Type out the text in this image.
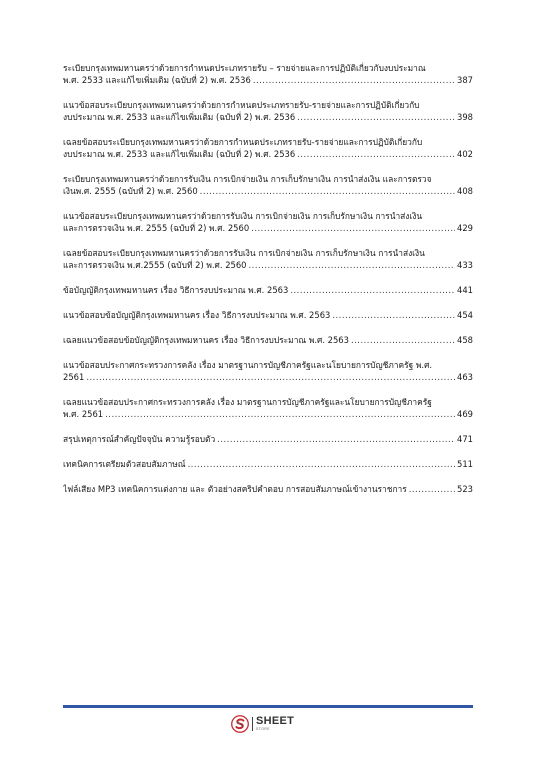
ระเบียบกรุงเทพมหานครว่าด้วยการกำหนดประเภทรายรับ – รายจ่ายและการปฏิบัติเกี่ยวกับงบประมาณ
พ.ศ. 2533 และแก้ไขเพิ่มเติม (ฉบับที่ 2) พ.ศ. 2536 .....	387
แนวข้อสอบระเบียบกรุงเทพมหานครว่าด้วยการกำหนดประเภทรายรับ-รายจ่ายและการปฏิบัติเกี่ยวกับ
งบประมาณ พ.ศ. 2533 และแก้ไขเพิ่มเติม (ฉบับที่ 2) พ.ศ. 2536 .....	398
เฉลยข้อสอบระเบียบกรุงเทพมหานครว่าด้วยการกำหนดประเภทรายรับ-รายจ่ายและการปฏิบัติเกี่ยวกับ
งบประมาณ พ.ศ. 2533 และแก้ไขเพิ่มเติม (ฉบับที่ 2) พ.ศ. 2536 .....	402
ระเบียบกรุงเทพมหานครว่าด้วยการรับเงิน การเบิกจ่ายเงิน การเก็บรักษาเงิน การนำส่งเงิน และการตรวจ
เงินพ.ศ. 2555 (ฉบับที่ 2) พ.ศ. 2560 .....	408
แนวข้อสอบระเบียบกรุงเทพมหานครว่าด้วยการรับเงิน การเบิกจ่ายเงิน การเก็บรักษาเงิน การนำส่งเงิน
และการตรวจเงิน พ.ศ. 2555 (ฉบับที่ 2) พ.ศ. 2560 .....	429
เฉลยข้อสอบระเบียบกรุงเทพมหานครว่าด้วยการรับเงิน การเบิกจ่ายเงิน การเก็บรักษาเงิน การนำส่งเงิน
และการตรวจเงิน พ.ศ.2555 (ฉบับที่ 2) พ.ศ. 2560 .....	433
ข้อบัญญัติกรุงเทพมหานคร เรื่อง วิธีการงบประมาณ พ.ศ. 2563 .....	441
แนวข้อสอบข้อบัญญัติกรุงเทพมหานคร เรื่อง วิธีการงบประมาณ พ.ศ. 2563 .....	454
เฉลยแนวข้อสอบข้อบัญญัติกรุงเทพมหานคร เรื่อง วิธีการงบประมาณ พ.ศ. 2563 .....	458
แนวข้อสอบประกาศกระทรวงการคลัง เรื่อง มาตรฐานการบัญชีภาครัฐและนโยบายการบัญชีภาครัฐ พ.ศ.
2561 .....	463
เฉลยแนวข้อสอบประกาศกระทรวงการคลัง เรื่อง มาตรฐานการบัญชีภาครัฐและนโยบายการบัญชีภาครัฐ
พ.ศ. 2561 .....	469
สรุปเหตุการณ์สำคัญปัจจุบัน ความรู้รอบตัว .....	471
เทคนิคการเตรียมตัวสอบสัมภาษณ์ .....	511
ไฟล์เสียง MP3 เทคนิคการแต่งกาย และ ตัวอย่างสคริปคำตอบ การสอบสัมภาษณ์เข้างานราชการ .....	523
SHEET
STORE
